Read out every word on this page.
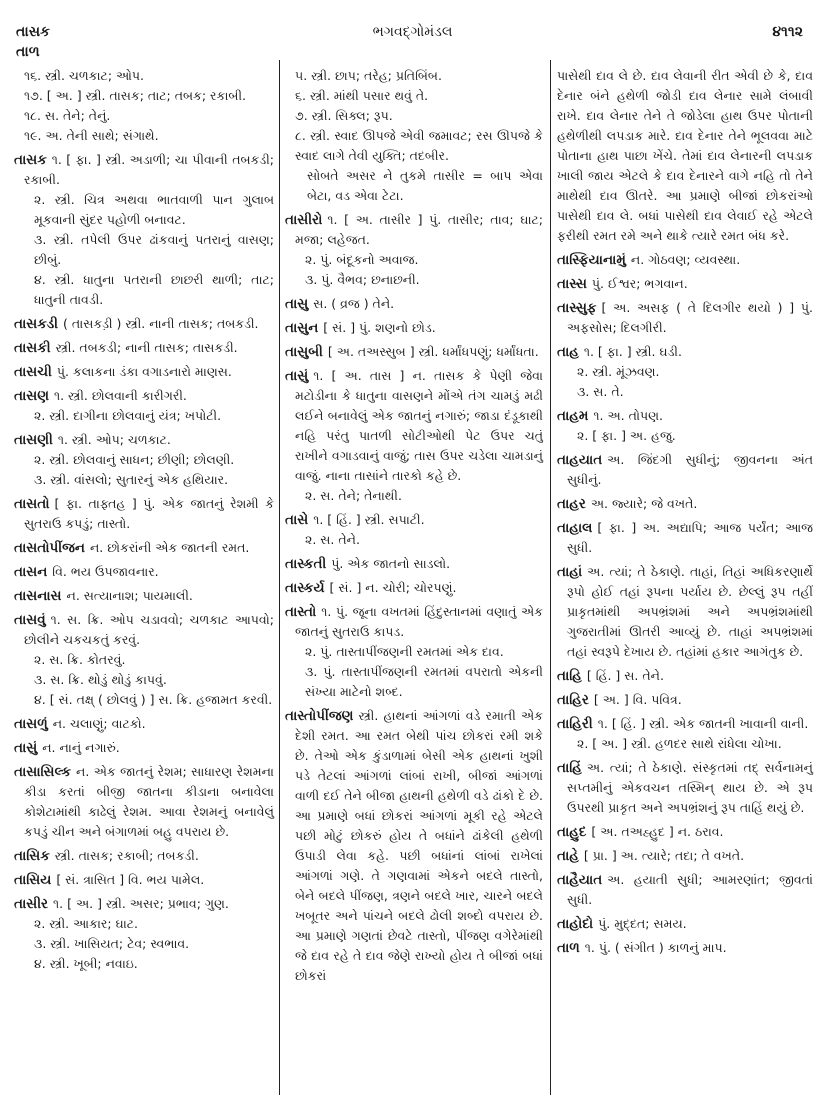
તાસક
તાળ
ભગવદ્ગોમંડલ	૪૧૧૨
૧૬. સ્ત્રી. ચળકાટ; ઓપ.
૧૭. [ અ. ] સ્ત્રી. તાસક; તાટ; તબક; રકાબી.
૧૮. સ. તેને; તેનું.
૧૯. અ. તેની સાથે; સંગાથે.
તાસક ૧. [ ફા. ] સ્ત્રી. અડાળી; ચા પીવાની તબકડી; રકાબી.
૨. સ્ત્રી. ચિત્ર અથવા ભાતવાળી પાન ગુલાબ મૂકવાની સુંદર પહોળી બનાવટ.
૩. સ્ત્રી. તપેલી ઉપર ઢાંકવાનું પતરાનું વાસણ; છીબું.
૪. સ્ત્રી. ધાતુના પતરાની છાછરી થાળી; તાટ; ધાતુની તાવડી.
તાસકડી ( તાસકડ઼ી ) સ્ત્રી. નાની તાસક; તબકડી.
તાસકી સ્ત્રી. તબકડી; નાની તાસક; તાસકડી.
તાસચી પું. કલાકના ડંકા વગાડનારો માણસ.
તાસણ ૧. સ્ત્રી. છોલવાની કારીગરી.
૨. સ્ત્રી. દાગીના છોલવાનું યંત્ર; ખપોટી.
તાસણી ૧. સ્ત્રી. ઓપ; ચળકાટ.
૨. સ્ત્રી. છોલવાનું સાધન; છીણી; છોલણી.
૩. સ્ત્રી. વાંસલો; સુતારનું એક હથિયાર.
તાસતો [ ફા. તાફ્તહ ] પું. એક જાતનું રેશમી કે સુતરાઉ કપડું; તાસ્તો.
તાસતોપીંજન ન. છોકરાંની એક જાતની રમત.
તાસન વિ. ભય ઉપજાવનાર.
તાસનાસ ન. સત્યાનાશ; પાયમાલી.
તાસવું ૧. સ. ક્રિ. ઓપ ચડાવવો; ચળકાટ આપવો; છોલીને ચકચકતું કરવું.
૨. સ. ક્રિ. કોતરવું.
૩. સ. ક્રિ. થોડું થોડું કાપવું.
૪. [ સં. તક્ષ્ ( છોલવું ) ] સ. ક્રિ. હજામત કરવી.
તાસળું ન. ચલાણું; વાટકો.
તાસું ન. નાનું નગારું.
તાસાસિલ્ક ન. એક જાતનું રેશમ; સાધારણ રેશમના કીડા કરતાં બીજી જાતના કીડાના બનાવેલા કોશેટામાંથી કાઢેલું રેશમ. આવા રેશમનું બનાવેલું કપડું ચીન અને બંગાળમાં બહુ વપરાય છે.
તાસિક સ્ત્રી. તાસક; રકાબી; તબકડી.
તાસિય [ સં. ત્રાસિત ] વિ. ભય પામેલ.
તાસીર ૧. [ અ. ] સ્ત્રી. અસર; પ્રભાવ; ગુણ.
૨. સ્ત્રી. આકાર; ઘાટ.
૩. સ્ત્રી. ખાસિયત; ટેવ; સ્વભાવ.
૪. સ્ત્રી. ખૂબી; નવાઇ.
૫. સ્ત્રી. છાપ; તરેહ; પ્રતિબિંબ.
૬. સ્ત્રી. માંથી પસાર થવું તે.
૭. સ્ત્રી. સિક્લ; રૂપ.
૮. સ્ત્રી. સ્વાદ ઊપજે એવી જમાવટ; રસ ઊપજે કે સ્વાદ લાગે તેવી યુક્તિ; તદબીર.
સોબતે અસર ને તુકમે તાસીર = બાપ એવા બેટા, વડ એવા ટેટા.
તાસીરો ૧. [ અ. તાસીર ] પું. તાસીર; તાવ; ઘાટ; મજા; લહેજત.
૨. પું. બંદૂકનો અવાજ.
૩. પું. વૈભવ; છનાછની.
તાસુ સ. ( વ્રજ ) તેને.
તાસુન [ સં. ] પું. શણનો છોડ.
તાસુબી [ અ. તઅસ્સુબ ] સ્ત્રી. ધર્માંધપણું; ધર્માંધતા.
તાસું ૧. [ અ. તાસ ] ન. તાસક કે પેણી જેવા મટોડીના કે ધાતુના વાસણને મોંએ તંગ ચામડું મઢી લઈને બનાવેલું એક જાતનું નગારું; જાડા દંડૂકાથી નહિ પરંતુ પાતળી સોટીઓથી પેટ ઉપર ચતું રાખીને વગાડવાનું વાજું; તાસ ઉપર ચડેલા ચામડાનું વાજું. નાના તાસાંને તારકો કહે છે.
૨. સ. તેને; તેનાથી.
તાસે ૧. [ હિં. ] સ્ત્રી. સપાટી.
૨. સ. તેને.
તાસ્કતી પું. એક જાતનો સાડલો.
તાસ્કર્ય [ સં. ] ન. ચોરી; ચોરપણું.
તાસ્તો ૧. પું. જૂના વખતમાં હિંદુસ્તાનમાં વણાતું એક જાતનું સુતરાઉ કાપડ.
૨. પું. તાસ્તાપીંજણની રમતમાં એક દાવ.
૩. પું. તાસ્તાપીંજણની રમતમાં વપરાતો એકની સંખ્યા માટેનો શબ્દ.
તાસ્તોપીંજણ સ્ત્રી. હાથનાં આંગળાં વડે રમાતી એક દેશી રમત. આ રમત બેથી પાંચ છોકરાં રમી શકે છે. તેઓ એક કુંડાળામાં બેસી એક હાથનાં ખુશી પડે તેટલાં આંગળાં લાંબાં રાખી, બીજાં આંગળાં વાળી દઈ તેને બીજા હાથની હથેળી વડે ઢાંકો દે છે. આ પ્રમાણે બધાં છોકરાં આંગળાં મૂકી રહે એટલે પછી મોટું છોકરું હોય તે બધાંને ઢાંકેલી હથેળી ઉપાડી લેવા કહે. પછી બધાંનાં લાંબાં રાખેલાં આંગળાં ગણે. તે ગણવામાં એકને બદલે તાસ્તો, બેને બદલે પીંજણ, ત્રણને બદલે ખાર, ચારને બદલે ખબૂતર અને પાંચને બદલે ઢોલી શબ્દો વપરાય છે. આ પ્રમાણે ગણતાં છેવટે તાસ્તો, પીંજણ વગેરેમાંથી જે દાવ રહે તે દાવ જેણે રાખ્યો હોય તે બીજાં બધાં છોકરાં
પાસેથી દાવ લે છે. દાવ લેવાની રીત એવી છે કે, દાવ દેનાર બંને હથેળી જોડી દાવ લેનાર સામે લંબાવી રાખે. દાવ લેનાર તેને તે જોડેલા હાથ ઉપર પોતાની હથેળીથી લપડાક મારે. દાવ દેનાર તેને ભૂલવવા માટે પોતાના હાથ પાછા ખેંચે. તેમાં દાવ લેનારની લપડાક ખાલી જાય એટલે કે દાવ દેનારને વાગે નહિ તો તેને માથેથી દાવ ઊતરે. આ પ્રમાણે બીજાં છોકરાંઓ પાસેથી દાવ લે. બધાં પાસેથી દાવ લેવાઈ રહે એટલે ફરીથી રમત રમે અને થાકે ત્યારે રમત બંધ કરે.
તાસ્ફિયાનામું ન. ગોઠવણ; વ્યવસ્થા.
તાસ્સ પું. ઈશ્વર; ભગવાન.
તાસ્સુફ [ અ. અસફ ( તે દિલગીર થયો ) ] પું. અફસોસ; દિલગીરી.
તાહ ૧. [ ફા. ] સ્ત્રી. ઘડી.
૨. સ્ત્રી. મૂંઝવણ.
૩. સ. તે.
તાહમ ૧. અ. તોપણ.
૨. [ ફા. ] અ. હજુ.
તાહયાત અ. જિંદગી સુધીનું; જીવનના અંત સુધીનું.
તાહર અ. જ્યારે; જે વખતે.
તાહાલ [ ફા. ] અ. અદ્યાપિ; આજ પર્યંત; આજ સુધી.
તાહાં અ. ત્યાં; તે ઠેકાણે. તાહાં, તિહાં અધિકરણાર્થે રૂપો હોઈ તહાં રૂપના પર્યાય છે. છેલ્લું રૂપ તહીં પ્રાકૃતમાંથી અપભ્રંશમાં અને અપભ્રંશમાંથી ગુજરાતીમાં ઊતરી આવ્યું છે. તાહાં અપભ્રંશમાં તહાં સ્વરૂપે દેખાય છે. તહાંમાં હકાર આગંતુક છે.
તાહિ [ હિં. ] સ. તેને.
તાહિર [ અ. ] વિ. પવિત્ર.
તાહિરી ૧. [ હિં. ] સ્ત્રી. એક જાતની ખાવાની વાની.
૨. [ અ. ] સ્ત્રી. હળદર સાથે રાંધેલા ચોખા.
તાહિં અ. ત્યાં; તે ઠેકાણે. સંસ્કૃતમાં તદ્ સર્વનામનું સપ્તમીનું એકવચન તસ્મિન્ થાય છે. એ રૂપ ઉપરથી પ્રાકૃત અને અપભ્રંશનું રૂપ તાહિં થયું છે.
તાહુદ [ અ. તઅહ્હુદ ] ન. ઠરાવ.
તાહે [ પ્રા. ] અ. ત્યારે; તદા; તે વખતે.
તાહૈયાત અ. હયાતી સુધી; આમરણાંત; જીવતાં સુધી.
તાહોદો પું. મુદ્દત; સમય.
તાળ ૧. પું. ( સંગીત ) કાળનું માપ.
